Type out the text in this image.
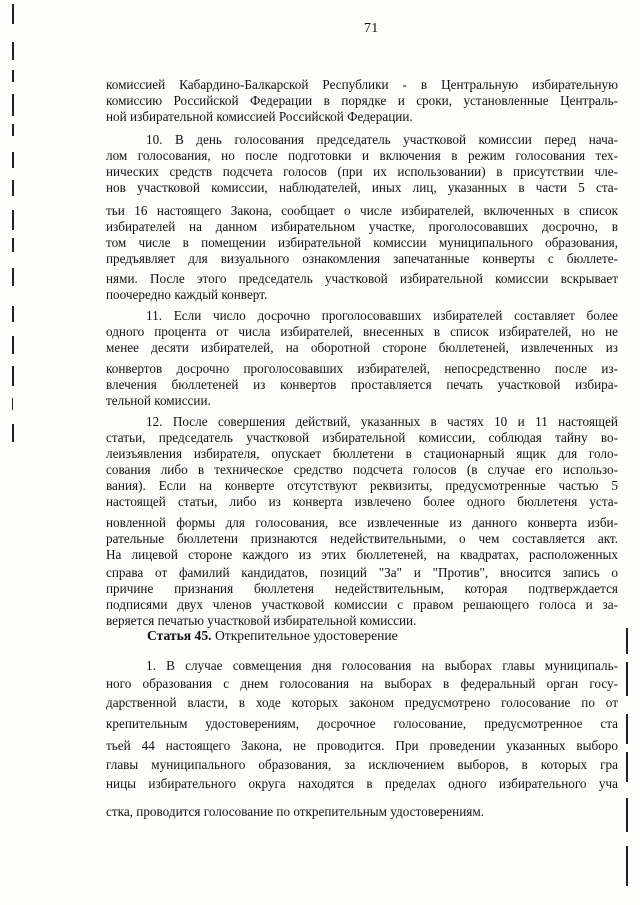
71
комиссией Кабардино-Балкарской Республики - в Центральную избирательную
комиссию Российской Федерации в порядке и сроки, установленные Централь-
ной избирательной комиссией Российской Федерации.
10. В день голосования председатель участковой комиссии перед нача-
лом голосования, но после подготовки и включения в режим голосования тех-
нических средств подсчета голосов (при их использовании) в присутствии чле-
нов участковой комиссии, наблюдателей, иных лиц, указанных в части 5 ста-
тьи 16 настоящего Закона, сообщает о числе избирателей, включенных в список
избирателей на данном избирательном участке, проголосовавших досрочно, в
том числе в помещении избирательной комиссии муниципального образования,
предъявляет для визуального ознакомления запечатанные конверты с бюллете-
нями. После этого председатель участковой избирательной комиссии вскрывает
поочередно каждый конверт.
11. Если число досрочно проголосовавших избирателей составляет более
одного процента от числа избирателей, внесенных в список избирателей, но не
менее десяти избирателей, на оборотной стороне бюллетеней, извлеченных из
конвертов досрочно проголосовавших избирателей, непосредственно после из-
влечения бюллетеней из конвертов проставляется печать участковой избира-
тельной комиссии.
12. После совершения действий, указанных в частях 10 и 11 настоящей
статьи, председатель участковой избирательной комиссии, соблюдая тайну во-
леизъявления избирателя, опускает бюллетени в стационарный ящик для голо-
сования либо в техническое средство подсчета голосов (в случае его использо-
вания). Если на конверте отсутствуют реквизиты, предусмотренные частью 5
настоящей статьи, либо из конверта извлечено более одного бюллетеня уста-
новленной формы для голосования, все извлеченные из данного конверта изби-
рательные бюллетени признаются недействительными, о чем составляется акт.
На лицевой стороне каждого из этих бюллетеней, на квадратах, расположенных
справа от фамилий кандидатов, позиций "За" и "Против", вносится запись о
причине признания бюллетеня недействительным, которая подтверждается
подписями двух членов участковой комиссии с правом решающего голоса и за-
веряется печатью участковой избирательной комиссии.
Статья 45. Открепительное удостоверение
1. В случае совмещения дня голосования на выборах главы муниципаль-
ного образования с днем голосования на выборах в федеральный орган госу-
дарственной власти, в ходе которых законом предусмотрено голосование по от
крепительным удостоверениям, досрочное голосование, предусмотренное ста
тьей 44 настоящего Закона, не проводится. При проведении указанных выборо
главы муниципального образования, за исключением выборов, в которых гра
ницы избирательного округа находятся в пределах одного избирательного уча
стка, проводится голосование по открепительным удостоверениям.
